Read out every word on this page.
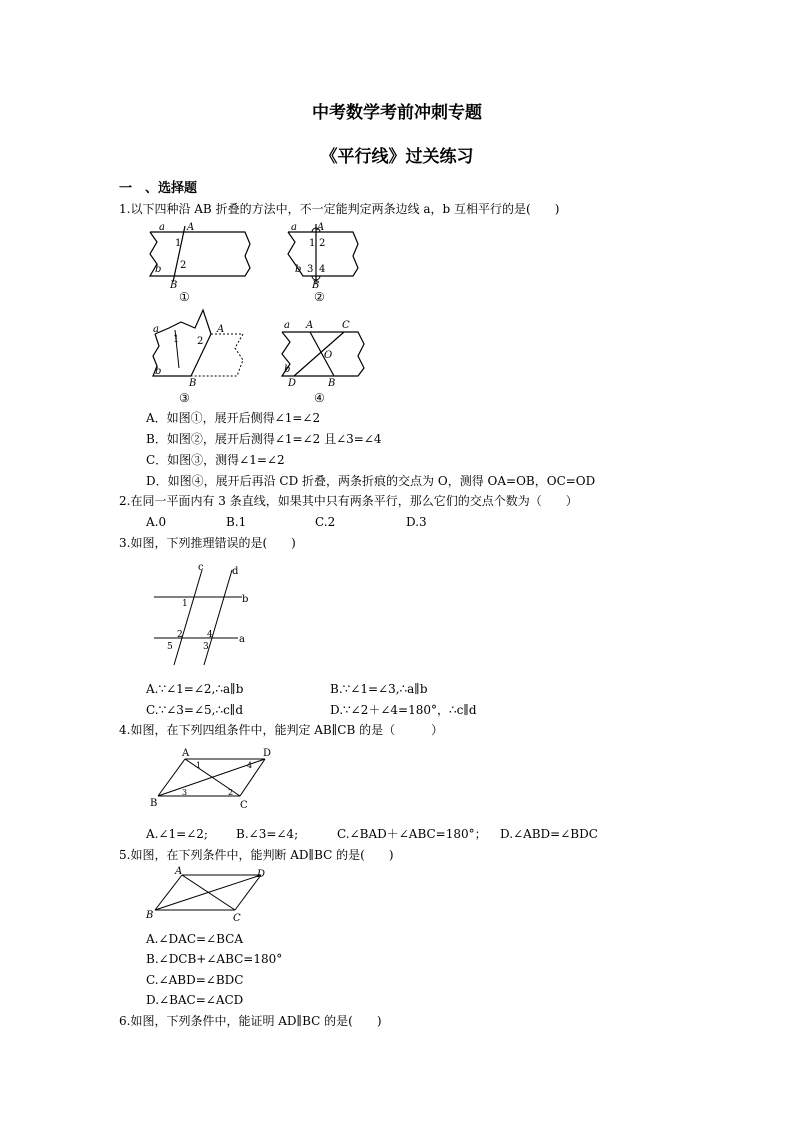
中考数学考前冲刺专题
《平行线》过关练习
一　、选择题
1.以下四种沿 AB 折叠的方法中，不一定能判定两条边线 a，b 互相平行的是(　　)
a A
1
b 2
B
①
a A
1 2
b 3 4
B
②
a
1 2
A
b
B
③
a A	C
O
b
D	B
④
A．如图①，展开后侧得∠1=∠2
B．如图②，展开后测得∠1=∠2 且∠3=∠4
C．如图③，测得∠1=∠2
D．如图④，展开后再沿 CD 折叠，两条折痕的交点为 O，测得 OA=OB，OC=OD
2.在同一平面内有 3 条直线，如果其中只有两条平行，那么它们的交点个数为（　　）
A.0	B.1	C.2	D.3
3.如图，下列推理错误的是(　　)
c	d
b
a
1
2	4
5	3
A.∵∠1=∠2,∴a∥b	B.∵∠1=∠3,∴a∥b
C.∵∠3=∠5,∴c∥d	D.∵∠2＋∠4=180°，∴c∥d
4.如图，在下列四组条件中，能判定 AB∥CB 的是（　　　）
A	D
B	C
1	4
3	2
A.∠1=∠2; B.∠3=∠4;	C.∠BAD＋∠ABC=180°； D.∠ABD=∠BDC
5.如图，在下列条件中，能判断 AD∥BC 的是(　　)
A	D
B	C
A.∠DAC=∠BCA
B.∠DCB+∠ABC=180°
C.∠ABD=∠BDC
D.∠BAC=∠ACD
6.如图，下列条件中，能证明 AD∥BC 的是(　　)
